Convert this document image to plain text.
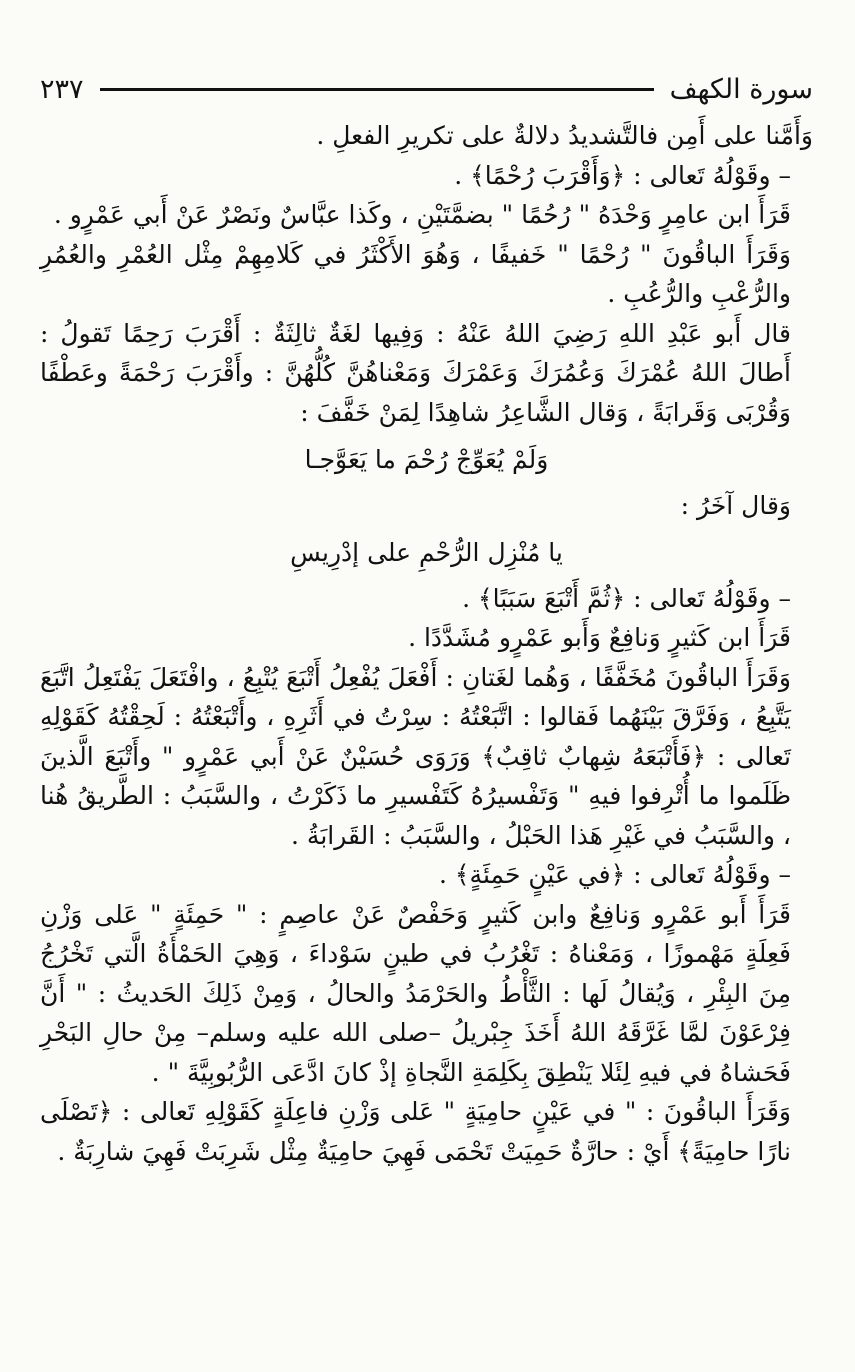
سورة الكهف
٢٣٧

وَأَمَّنا على أَمِن فالتَّشديدُ دلالةٌ على تكريرِ الفعلِ .

– وقَوْلُهُ تَعالى : ﴿وَأَقْرَبَ رُحْمًا﴾ .

قَرَأَ ابن عامِرٍ وَحْدَهُ " رُحُمًا " بضمَّتَيْنِ ، وكَذا عبَّاسٌ ونَصْرٌ عَنْ أَبي عَمْرٍو .

وَقَرَأَ الباقُونَ " رُحْمًا " خَفيفًا ، وَهُوَ الأَكْثَرُ في كَلامِهِمْ مِثْل العُمْرِ والعُمُرِ والرُّعْبِ والرُّعُبِ .

قال أَبو عَبْدِ اللهِ رَضِيَ اللهُ عَنْهُ : وَفِيها لغَةٌ ثالِثَةٌ : أَقْرَبَ رَحِمًا تَقولُ : أَطالَ اللهُ عُمْرَكَ وَعُمُرَكَ وَعَمْرَكَ وَمَعْناهُنَّ كُلُّهُنَّ : وأَقْرَبَ رَحْمَةً وعَطْفًا وَقُرْبَى وَقَرابَةً ، وَقال الشَّاعِرُ شاهِدًا لِمَنْ خَفَّفَ :

وَلَمْ يُعَوِّجْ رُحْمَ ما يَعَوَّجـا

وَقال آخَرُ :

يا مُنْزِل الرُّحْمِ على إدْرِيسِ

– وقَوْلُهُ تَعالى : ﴿ثُمَّ أَتْبَعَ سَبَبًا﴾ .

قَرَأَ ابن كَثيرٍ وَنافِعٌ وَأَبو عَمْرٍو مُشَدَّدًا .

وَقَرَأَ الباقُونَ مُخَفَّفًا ، وَهُما لغَتانِ : أَفْعَلَ يُفْعِلُ أَتْبَعَ يُتْبِعُ ، وافْتَعَلَ يَفْتَعِلُ اتَّبَعَ يَتَّبِعُ ، وَفَرَّقَ بَيْنَهُما فَقالوا : اتَّبَعْتُهُ : سِرْتُ في أَثَرِهِ ، وأَتْبَعْتُهُ : لَحِقْتُهُ كَقَوْلِهِ تَعالى : ﴿فَأَتْبَعَهُ شِهابٌ ثاقِبٌ﴾ وَرَوَى حُسَيْنٌ عَنْ أَبي عَمْرٍو " وأَتْبَعَ الَّذينَ ظَلَموا ما أُتْرِفوا فيهِ " وَتَفْسيرُهُ كَتَفْسيرِ ما ذَكَرْتُ ، والسَّبَبُ : الطَّريقُ هُنا ، والسَّبَبُ في غَيْرِ هَذا الحَبْلُ ، والسَّبَبُ : القَرابَةُ .

– وقَوْلُهُ تَعالى : ﴿في عَيْنٍ حَمِئَةٍ﴾ .

قَرَأَ أَبو عَمْرٍو وَنافِعٌ وابن كَثيرٍ وَحَفْصٌ عَنْ عاصِمٍ : " حَمِئَةٍ " عَلى وَزْنِ فَعِلَةٍ مَهْموزًا ، وَمَعْناهُ : تَغْرُبُ في طينٍ سَوْداءَ ، وَهِيَ الحَمْأَةُ الَّتي تَخْرُجُ مِنَ البِئْرِ ، وَيُقالُ لَها : الثَّأْطُ والحَرْمَدُ والحالُ ، وَمِنْ ذَلِكَ الحَديثُ : " أَنَّ فِرْعَوْنَ لمَّا غَرَّقَهُ اللهُ أَخَذَ جِبْريلُ –صلى الله عليه وسلم– مِنْ حالِ البَحْرِ فَحَشاهُ في فيهِ لِئَلا يَنْطِقَ بِكَلِمَةِ النَّجاةِ إذْ كانَ ادَّعَى الرُّبُوبِيَّةَ " .

وَقَرَأَ الباقُونَ : " في عَيْنٍ حامِيَةٍ " عَلى وَزْنِ فاعِلَةٍ كَقَوْلِهِ تَعالى : ﴿تَصْلَى نارًا حامِيَةً﴾ أَيْ : حارَّةٌ حَمِيَتْ تَحْمَى فَهِيَ حامِيَةٌ مِثْل شَرِبَتْ فَهِيَ شارِبَةٌ .
